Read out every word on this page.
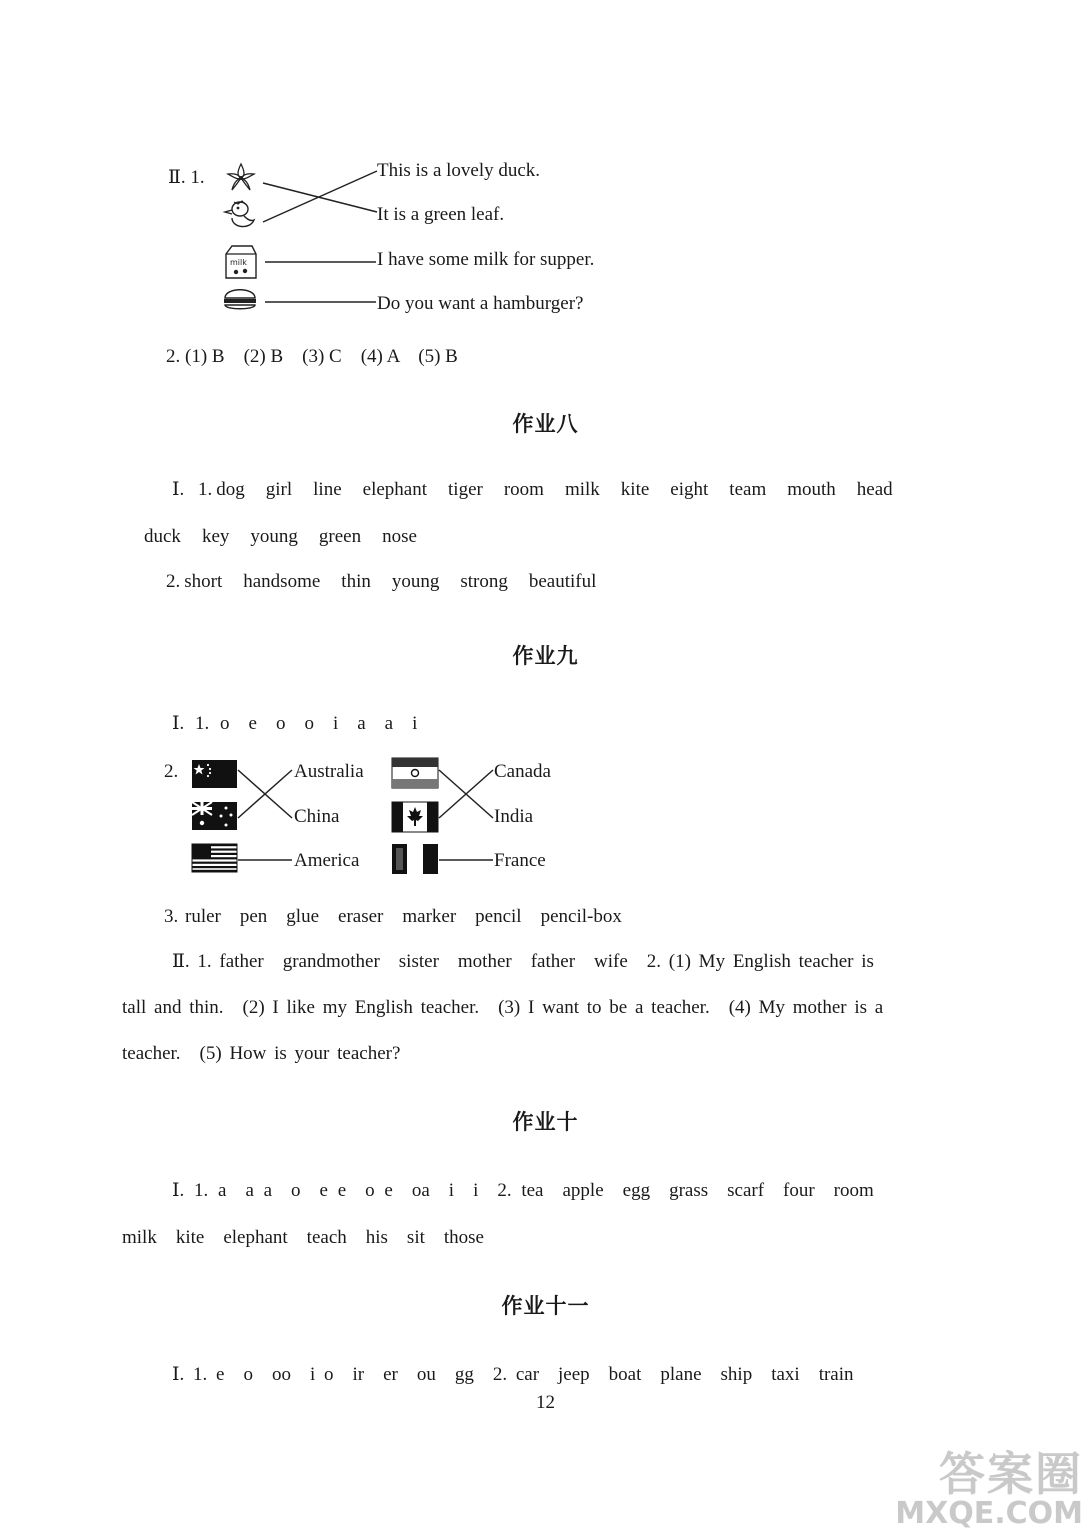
Ⅱ. 1.
milk
This is a lovely duck.
It is a green leaf.
I have some milk for supper.
Do you want a hamburger?
2. (1) B　(2) B　(3) C　(4) A　(5) B
作业八
Ⅰ. 1. dog girl line elephant tiger room milk kite eight team mouth head
duck key young green nose
2. short handsome thin young strong beautiful
作业九
Ⅰ. 1. o　e　o　o　i　a　a　i
2.	Australia
China
America
Canada
India
France
3. ruler　pen　glue　eraser　marker　pencil　pencil-box
Ⅱ. 1. father　grandmother　sister　mother　father　wife　2. (1) My English teacher is
tall and thin.　(2) I like my English teacher.　(3) I want to be a teacher.　(4) My mother is a
teacher.　(5) How is your teacher?
作业十
Ⅰ. 1. a　a a　o　e e　o e　oa　i　i　2. tea　apple　egg　grass　scarf　four　room
milk　kite　elephant　teach　his　sit　those
作业十一
Ⅰ. 1. e　o　oo　i o　ir　er　ou　gg　2. car　jeep　boat　plane　ship　taxi　train
12
答案圈
MXQE.COM
